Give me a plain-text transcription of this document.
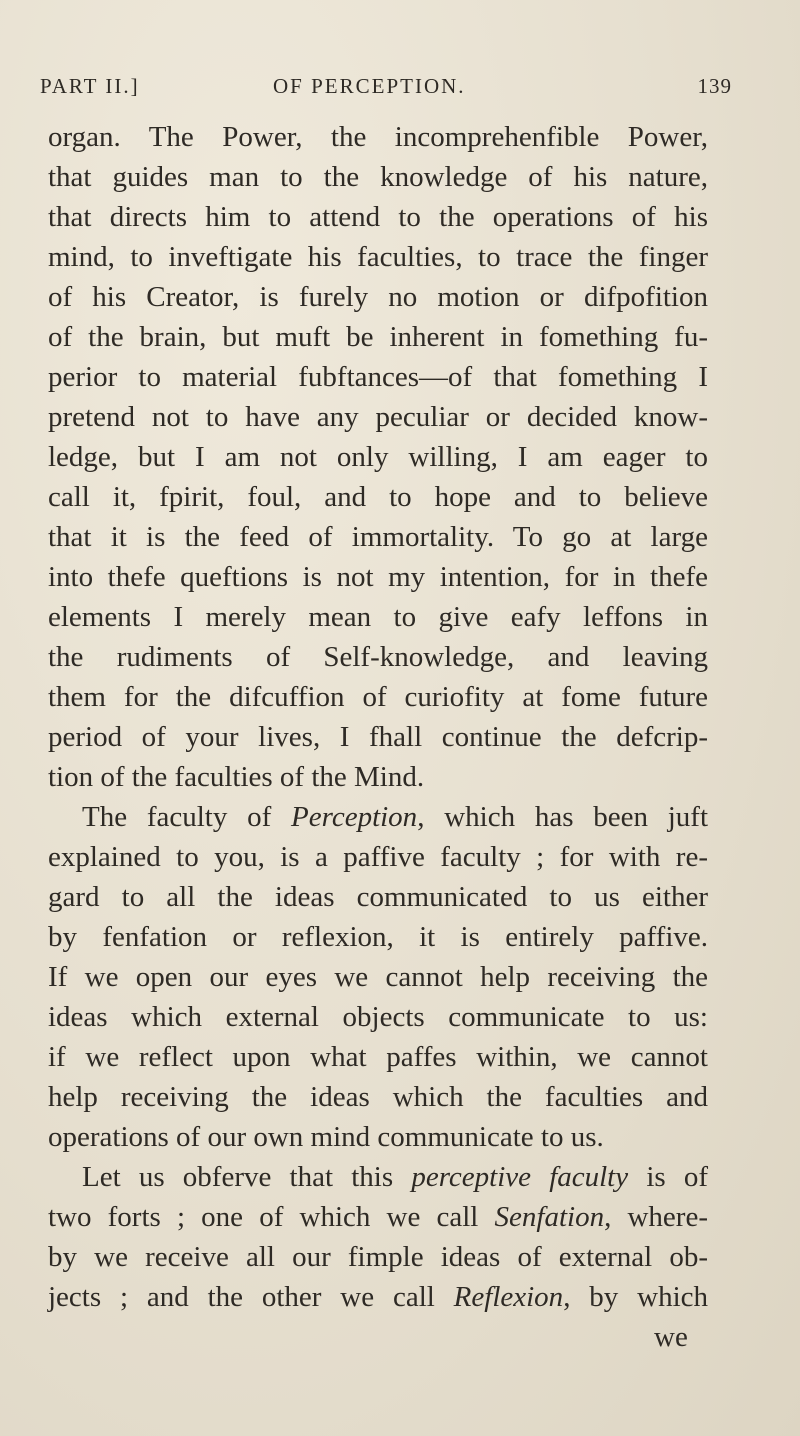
PART II.]	OF PERCEPTION.	139
organ. The Power, the incomprehenfible Power,
that guides man to the knowledge of his nature,
that directs him to attend to the operations of his
mind, to inveftigate his faculties, to trace the finger
of his Creator, is furely no motion or difpofition
of the brain, but muft be inherent in fomething fu-
perior to material fubftances—of that fomething I
pretend not to have any peculiar or decided know-
ledge, but I am not only willing, I am eager to
call it, fpirit, foul, and to hope and to believe
that it is the feed of immortality. To go at large
into thefe queftions is not my intention, for in thefe
elements I merely mean to give eafy leffons in
the rudiments of Self-knowledge, and leaving
them for the difcuffion of curiofity at fome future
period of your lives, I fhall continue the defcrip-
tion of the faculties of the Mind.
The faculty of Perception, which has been juft
explained to you, is a paffive faculty ; for with re-
gard to all the ideas communicated to us either
by fenfation or reflexion, it is entirely paffive.
If we open our eyes we cannot help receiving the
ideas which external objects communicate to us:
if we reflect upon what paffes within, we cannot
help receiving the ideas which the faculties and
operations of our own mind communicate to us.
Let us obferve that this perceptive faculty is of
two forts ; one of which we call Senfation, where-
by we receive all our fimple ideas of external ob-
jects ; and the other we call Reflexion, by which
we
